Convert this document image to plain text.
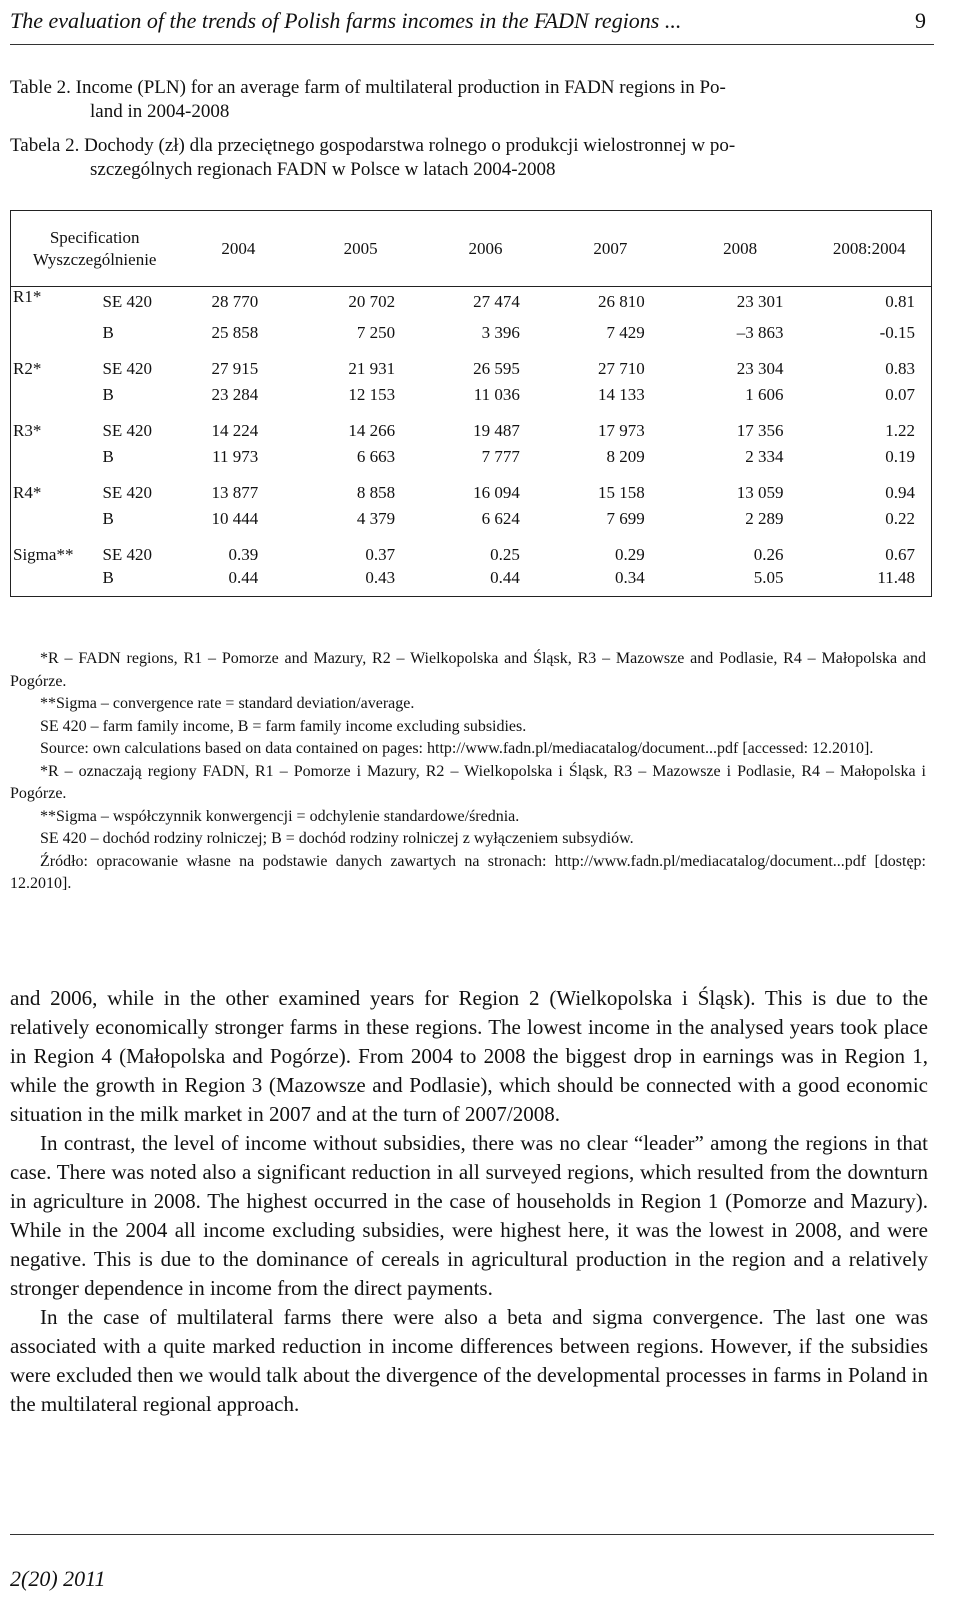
The evaluation of the trends of Polish farms incomes in the FADN regions ...	9
Table 2. Income (PLN) for an average farm of multilateral production in FADN regions in Po-
land in 2004-2008
Tabela 2. Dochody (zł) dla przeciętnego gospodarstwa rolnego o produkcji wielostronnej w po-
szczególnych regionach FADN w Polsce w latach 2004-2008
Specification
Wyszczególnienie		2004	2005	2006	2007	2008	2008:2004
R1*	SE 420	28 770	20 702	27 474	26 810	23 301	0.81
	B	25 858	7 250	3 396	7 429	–3 863	-0.15
R2*	SE 420	27 915	21 931	26 595	27 710	23 304	0.83
	B	23 284	12 153	11 036	14 133	1 606	0.07
R3*	SE 420	14 224	14 266	19 487	17 973	17 356	1.22
	B	11 973	6 663	7 777	8 209	2 334	0.19
R4*	SE 420	13 877	8 858	16 094	15 158	13 059	0.94
	B	10 444	4 379	6 624	7 699	2 289	0.22
Sigma**	SE 420	0.39	0.37	0.25	0.29	0.26	0.67
	B	0.44	0.43	0.44	0.34	5.05	11.48

*R – FADN regions, R1 – Pomorze and Mazury, R2 – Wielkopolska and Śląsk, R3 – Mazowsze and Podlasie, R4 – Małopolska and Pogórze.

**Sigma – convergence rate = standard deviation/average.

SE 420 – farm family income, B = farm family income excluding subsidies.

Source: own calculations based on data contained on pages: http://www.fadn.pl/mediacatalog/document...pdf [accessed: 12.2010].

*R – oznaczają regiony FADN, R1 – Pomorze i Mazury, R2 – Wielkopolska i Śląsk, R3 – Mazowsze i Podlasie, R4 – Małopolska i Pogórze.

**Sigma – współczynnik konwergencji = odchylenie standardowe/średnia.

SE 420 – dochód rodziny rolniczej; B = dochód rodziny rolniczej z wyłączeniem subsydiów.

Źródło: opracowanie własne na podstawie danych zawartych na stronach: http://www.fadn.pl/mediacatalog/document...pdf [dostęp: 12.2010].

and 2006, while in the other examined years for Region 2 (Wielkopolska i Śląsk). This is due to the relatively economically stronger farms in these regions. The lowest income in the analysed years took place in Region 4 (Małopolska and Pogórze). From 2004 to 2008 the biggest drop in earnings was in Region 1, while the growth in Region 3 (Mazowsze and Podlasie), which should be connected with a good economic situation in the milk market in 2007 and at the turn of 2007/2008.

In contrast, the level of income without subsidies, there was no clear “leader” among the regions in that case. There was noted also a significant reduction in all surveyed regions, which resulted from the downturn in agriculture in 2008. The highest occurred in the case of households in Region 1 (Pomorze and Mazury). While in the 2004 all income excluding subsidies, were highest here, it was the lowest in 2008, and were negative. This is due to the dominance of cereals in agricultural production in the region and a relatively stronger dependence in income from the direct payments.

In the case of multilateral farms there were also a beta and sigma convergence. The last one was associated with a quite marked reduction in income differences between regions. However, if the subsidies were excluded then we would talk about the divergence of the developmental processes in farms in Poland in the multilateral regional approach.

2(20) 2011
